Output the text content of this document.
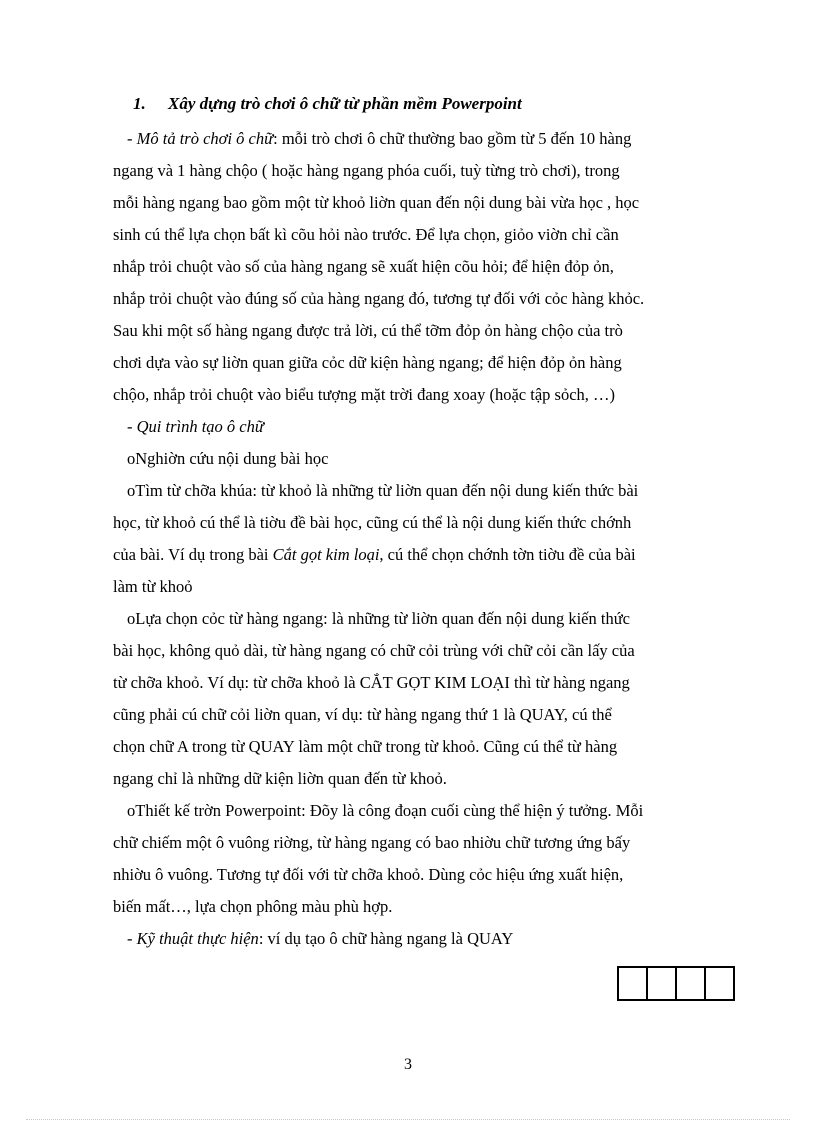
1. Xây dựng trò chơi ô chữ từ phần mềm Powerpoint

- Mô tả trò chơi ô chữ: mỗi trò chơi ô chữ thường bao gồm từ 5 đến 10 hàng

ngang và 1 hàng chộo ( hoặc hàng ngang phóa cuối, tuỳ từng trò chơi), trong

mỗi hàng ngang bao gồm một từ khoỏ liờn quan đến nội dung bài vừa học , học

sinh cú thể lựa chọn bất kì cõu hỏi nào trước. Để lựa chọn, giỏo viờn chỉ cần

nhắp trỏi chuột vào số của hàng ngang sẽ xuất hiện cõu hỏi; để hiện đỏp ỏn,

nhắp trỏi chuột vào đúng số của hàng ngang đó, tương tự đối với cỏc hàng khỏc.

Sau khi một số hàng ngang được trả lời, cú thể tỡm đỏp ỏn hàng chộo của trò

chơi dựa vào sự liờn quan giữa cỏc dữ kiện hàng ngang; để hiện đỏp ỏn hàng

chộo, nhắp trỏi chuột vào biểu tượng mặt trời đang xoay (hoặc tập sỏch, …)

- Qui trình tạo ô chữ

oNghiờn cứu nội dung bài học

oTìm từ chỡa khúa: từ khoỏ là những từ liờn quan đến nội dung kiến thức bài

học, từ khoỏ cú thể là tiờu đề bài học, cũng cú thể là nội dung kiến thức chớnh

của bài. Ví dụ trong bài Cắt gọt kim loại, cú thể chọn chớnh tờn tiờu đề của bài

làm từ khoỏ

oLựa chọn cỏc từ hàng ngang: là những từ liờn quan đến nội dung kiến thức

bài học, không quỏ dài, từ hàng ngang có chữ cỏi trùng với chữ cỏi cần lấy của

từ chỡa khoỏ. Ví dụ: từ chỡa khoỏ là CẮT GỌT KIM LOẠI thì từ hàng ngang

cũng phải cú chữ cỏi liờn quan, ví dụ: từ hàng ngang thứ 1 là QUAY, cú thể

chọn chữ A trong từ QUAY làm một chữ trong từ khoỏ. Cũng cú thể từ hàng

ngang chỉ là những dữ kiện liờn quan đến từ khoỏ.

oThiết kế trờn Powerpoint: Đõy là công đoạn cuối cùng thể hiện ý tưởng. Mỗi

chữ chiếm một ô vuông riờng, từ hàng ngang có bao nhiờu chữ tương ứng bấy

nhiờu ô vuông. Tương tự đối với từ chỡa khoỏ. Dùng cỏc hiệu ứng xuất hiện,

biến mất…, lựa chọn phông màu phù hợp.

- Kỹ thuật thực hiện: ví dụ tạo ô chữ hàng ngang là QUAY

3
